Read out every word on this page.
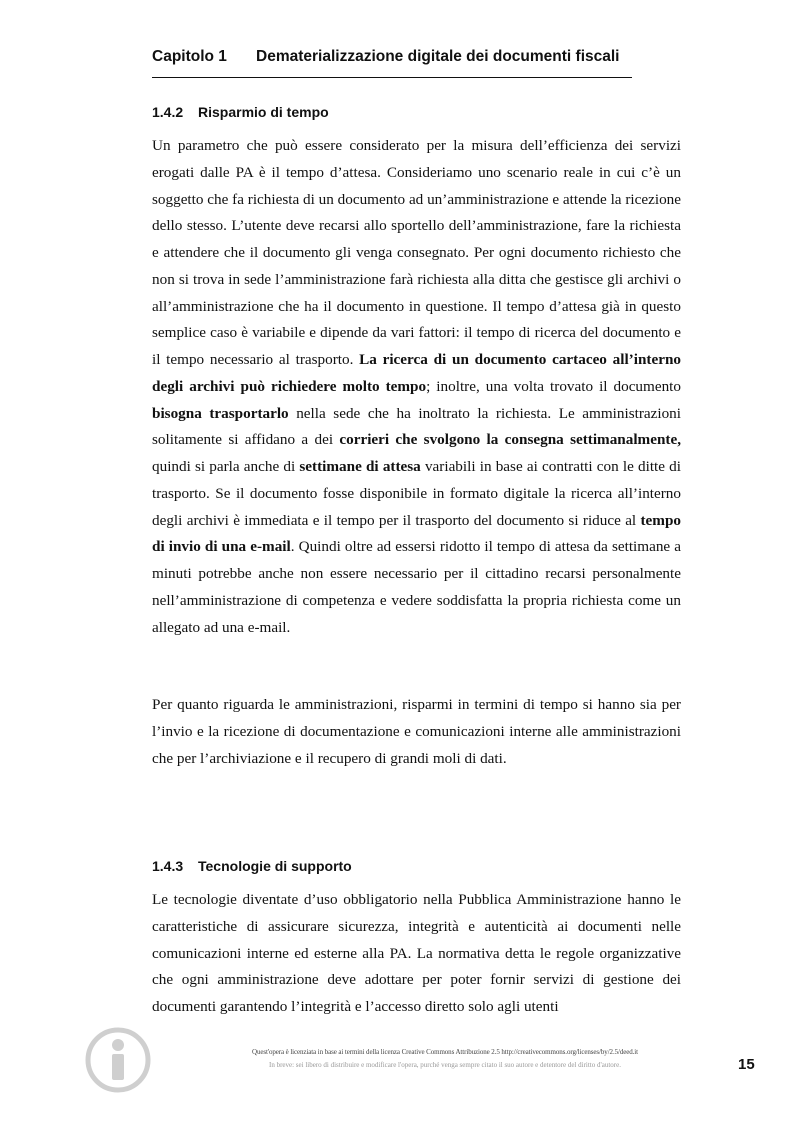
Capitolo 1 Dematerializzazione digitale dei documenti fiscali
1.4.2 Risparmio di tempo

Un parametro che può essere considerato per la misura dell’efficienza dei servizi erogati dalle PA è il tempo d’attesa. Consideriamo uno scenario reale in cui c’è un soggetto che fa richiesta di un documento ad un’amministrazione e attende la ricezione dello stesso. L’utente deve recarsi allo sportello dell’amministrazione, fare la richiesta e attendere che il documento gli venga consegnato. Per ogni documento richiesto che non si trova in sede l’amministrazione farà richiesta alla ditta che gestisce gli archivi o all’amministrazione che ha il documento in questione. Il tempo d’attesa già in questo semplice caso è variabile e dipende da vari fattori: il tempo di ricerca del documento e il tempo necessario al trasporto. La ricerca di un documento cartaceo all’interno degli archivi può richiedere molto tempo; inoltre, una volta trovato il documento bisogna trasportarlo nella sede che ha inoltrato la richiesta. Le amministrazioni solitamente si affidano a dei corrieri che svolgono la consegna settimanalmente, quindi si parla anche di settimane di attesa variabili in base ai contratti con le ditte di trasporto. Se il documento fosse disponibile in formato digitale la ricerca all’interno degli archivi è immediata e il tempo per il trasporto del documento si riduce al tempo di invio di una e-mail. Quindi oltre ad essersi ridotto il tempo di attesa da settimane a minuti potrebbe anche non essere necessario per il cittadino recarsi personalmente nell’amministrazione di competenza e vedere soddisfatta la propria richiesta come un allegato ad una e-mail.

Per quanto riguarda le amministrazioni, risparmi in termini di tempo si hanno sia per l’invio e la ricezione di documentazione e comunicazioni interne alle amministrazioni che per l’archiviazione e il recupero di grandi moli di dati.

1.4.3 Tecnologie di supporto

Le tecnologie diventate d’uso obbligatorio nella Pubblica Amministrazione hanno le caratteristiche di assicurare sicurezza, integrità e autenticità ai documenti nelle comunicazioni interne ed esterne alla PA. La normativa detta le regole organizzative che ogni amministrazione deve adottare per poter fornir servizi di gestione dei documenti garantendo l’integrità e l’accesso diretto solo agli utenti

Quest'opera è licenziata in base ai termini della licenza Creative Commons Attribuzione 2.5 http://creativecommons.org/licenses/by/2.5/deed.it
In breve: sei libero di distribuire e modificare l'opera, purché venga sempre citato il suo autore e detentore del diritto d'autore.	15
